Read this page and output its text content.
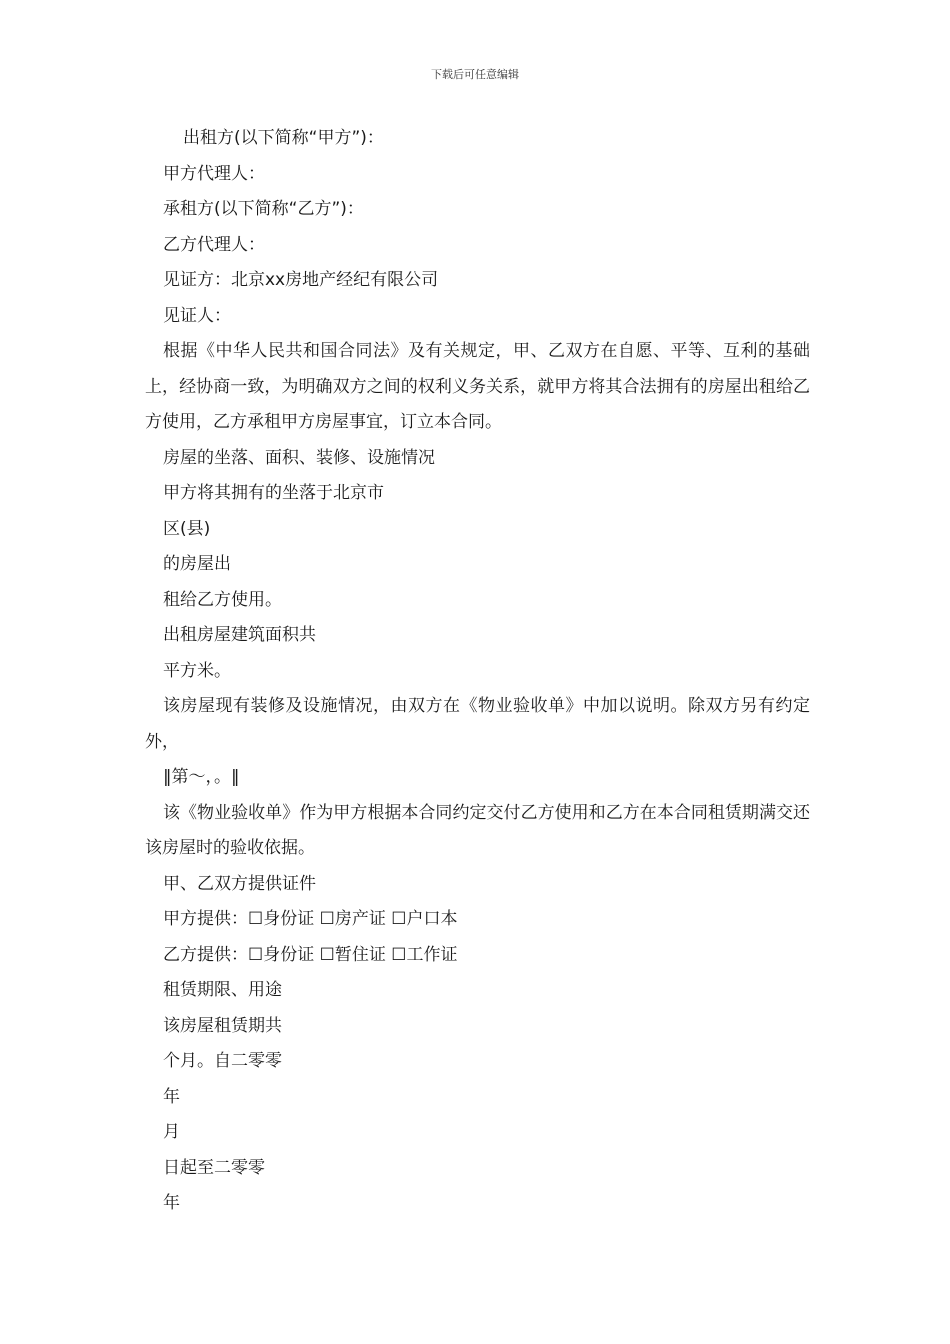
下载后可任意编辑
出租方(以下简称“甲方”)：
甲方代理人：
承租方(以下简称“乙方”)：
乙方代理人：
见证方：北京xx房地产经纪有限公司
见证人：
根据《中华人民共和国合同法》及有关规定，甲、乙双方在自愿、平等、互利的基础上，经协商一致，为明确双方之间的权利义务关系，就甲方将其合法拥有的房屋出租给乙方使用，乙方承租甲方房屋事宜，订立本合同。
房屋的坐落、面积、装修、设施情况
甲方将其拥有的坐落于北京市
区(县)
的房屋出
租给乙方使用。
出租房屋建筑面积共
平方米。
该房屋现有装修及设施情况，由双方在《物业验收单》中加以说明。除双方另有约定外，
‖第～，。‖
该《物业验收单》作为甲方根据本合同约定交付乙方使用和乙方在本合同租赁期满交还该房屋时的验收依据。
甲、乙双方提供证件
甲方提供：☐身份证 ☐房产证 ☐户口本
乙方提供：☐身份证 ☐暂住证 ☐工作证
租赁期限、用途
该房屋租赁期共
个月。自二零零
年
月
日起至二零零
年
